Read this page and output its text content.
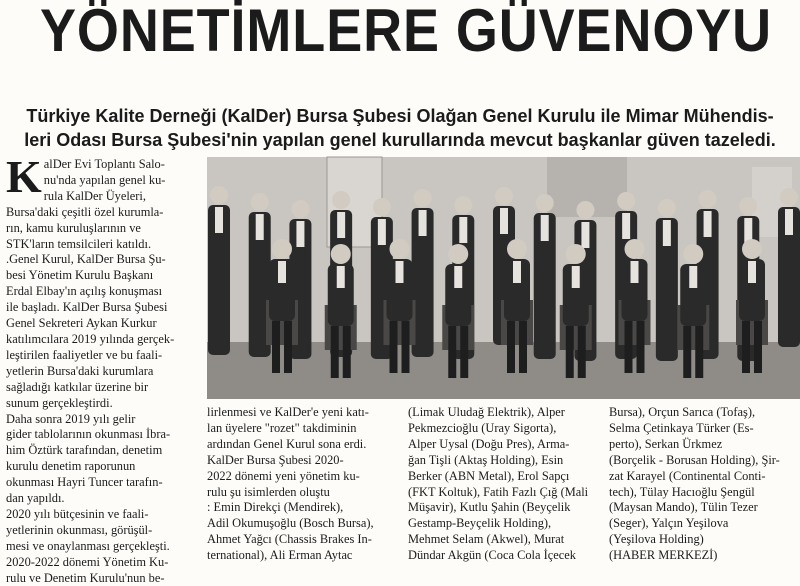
YÖNETİMLERE GÜVENOYU
Türkiye Kalite Derneği (KalDer) Bursa Şubesi Olağan Genel Kurulu ile Mimar Mühendis-
leri Odası Bursa Şubesi'nin yapılan genel kurullarında mevcut başkanlar güven tazeledi.
K alDer Evi Toplantı Salo-
nu'nda yapılan genel ku-
rula KalDer Üyeleri,
Bursa'daki çeşitli özel kurumla-
rın, kamu kuruluşlarının ve
STK'ların temsilcileri katıldı.
.Genel Kurul, KalDer Bursa Şu-
besi Yönetim Kurulu Başkanı
Erdal Elbay'ın açılış konuşması
ile başladı. KalDer Bursa Şubesi
Genel Sekreteri Aykan Kurkur
katılımcılara 2019 yılında gerçek-
leştirilen faaliyetler ve bu faali-
yetlerin Bursa'daki kurumlara
sağladığı katkılar üzerine bir
sunum gerçekleştirdi.
Daha sonra 2019 yılı gelir
gider tablolarının okunması İbra-
him Öztürk tarafından, denetim
kurulu denetim raporunun
okunması Hayri Tuncer tarafın-
dan yapıldı.
2020 yılı bütçesinin ve faali-
yetlerinin okunması, görüşül-
mesi ve onaylanması gerçekleşti.
2020-2022 dönemi Yönetim Ku-
rulu ve Denetim Kurulu'nun be-
lirlenmesi ve KalDer'e yeni katı-
lan üyelere "rozet" takdiminin
ardından Genel Kurul sona erdi.
KalDer Bursa Şubesi 2020-
2022 dönemi yeni yönetim ku-
rulu şu isimlerden oluştu
: Emin Direkçi (Mendirek),
Adil Okumuşoğlu (Bosch Bursa),
Ahmet Yağcı (Chassis Brakes In-
ternational), Ali Erman Aytac
(Limak Uludağ Elektrik), Alper
Pekmezcioğlu (Uray Sigorta),
Alper Uysal (Doğu Pres), Arma-
ğan Tişli (Aktaş Holding), Esin
Berker (ABN Metal), Erol Sapçı
(FKT Koltuk), Fatih Fazlı Çığ (Mali
Müşavir), Kutlu Şahin (Beyçelik
Gestamp-Beyçelik Holding),
Mehmet Selam (Akwel), Murat
Dündar Akgün (Coca Cola İçecek
Bursa), Orçun Sarıca (Tofaş),
Selma Çetinkaya Türker (Es-
perto), Serkan Ürkmez
(Borçelik - Borusan Holding), Şir-
zat Karayel (Continental Conti-
tech), Tülay Hacıoğlu Şengül
(Maysan Mando), Tülin Tezer
(Seger), Yalçın Yeşilova
(Yeşilova Holding)
(HABER MERKEZİ)
